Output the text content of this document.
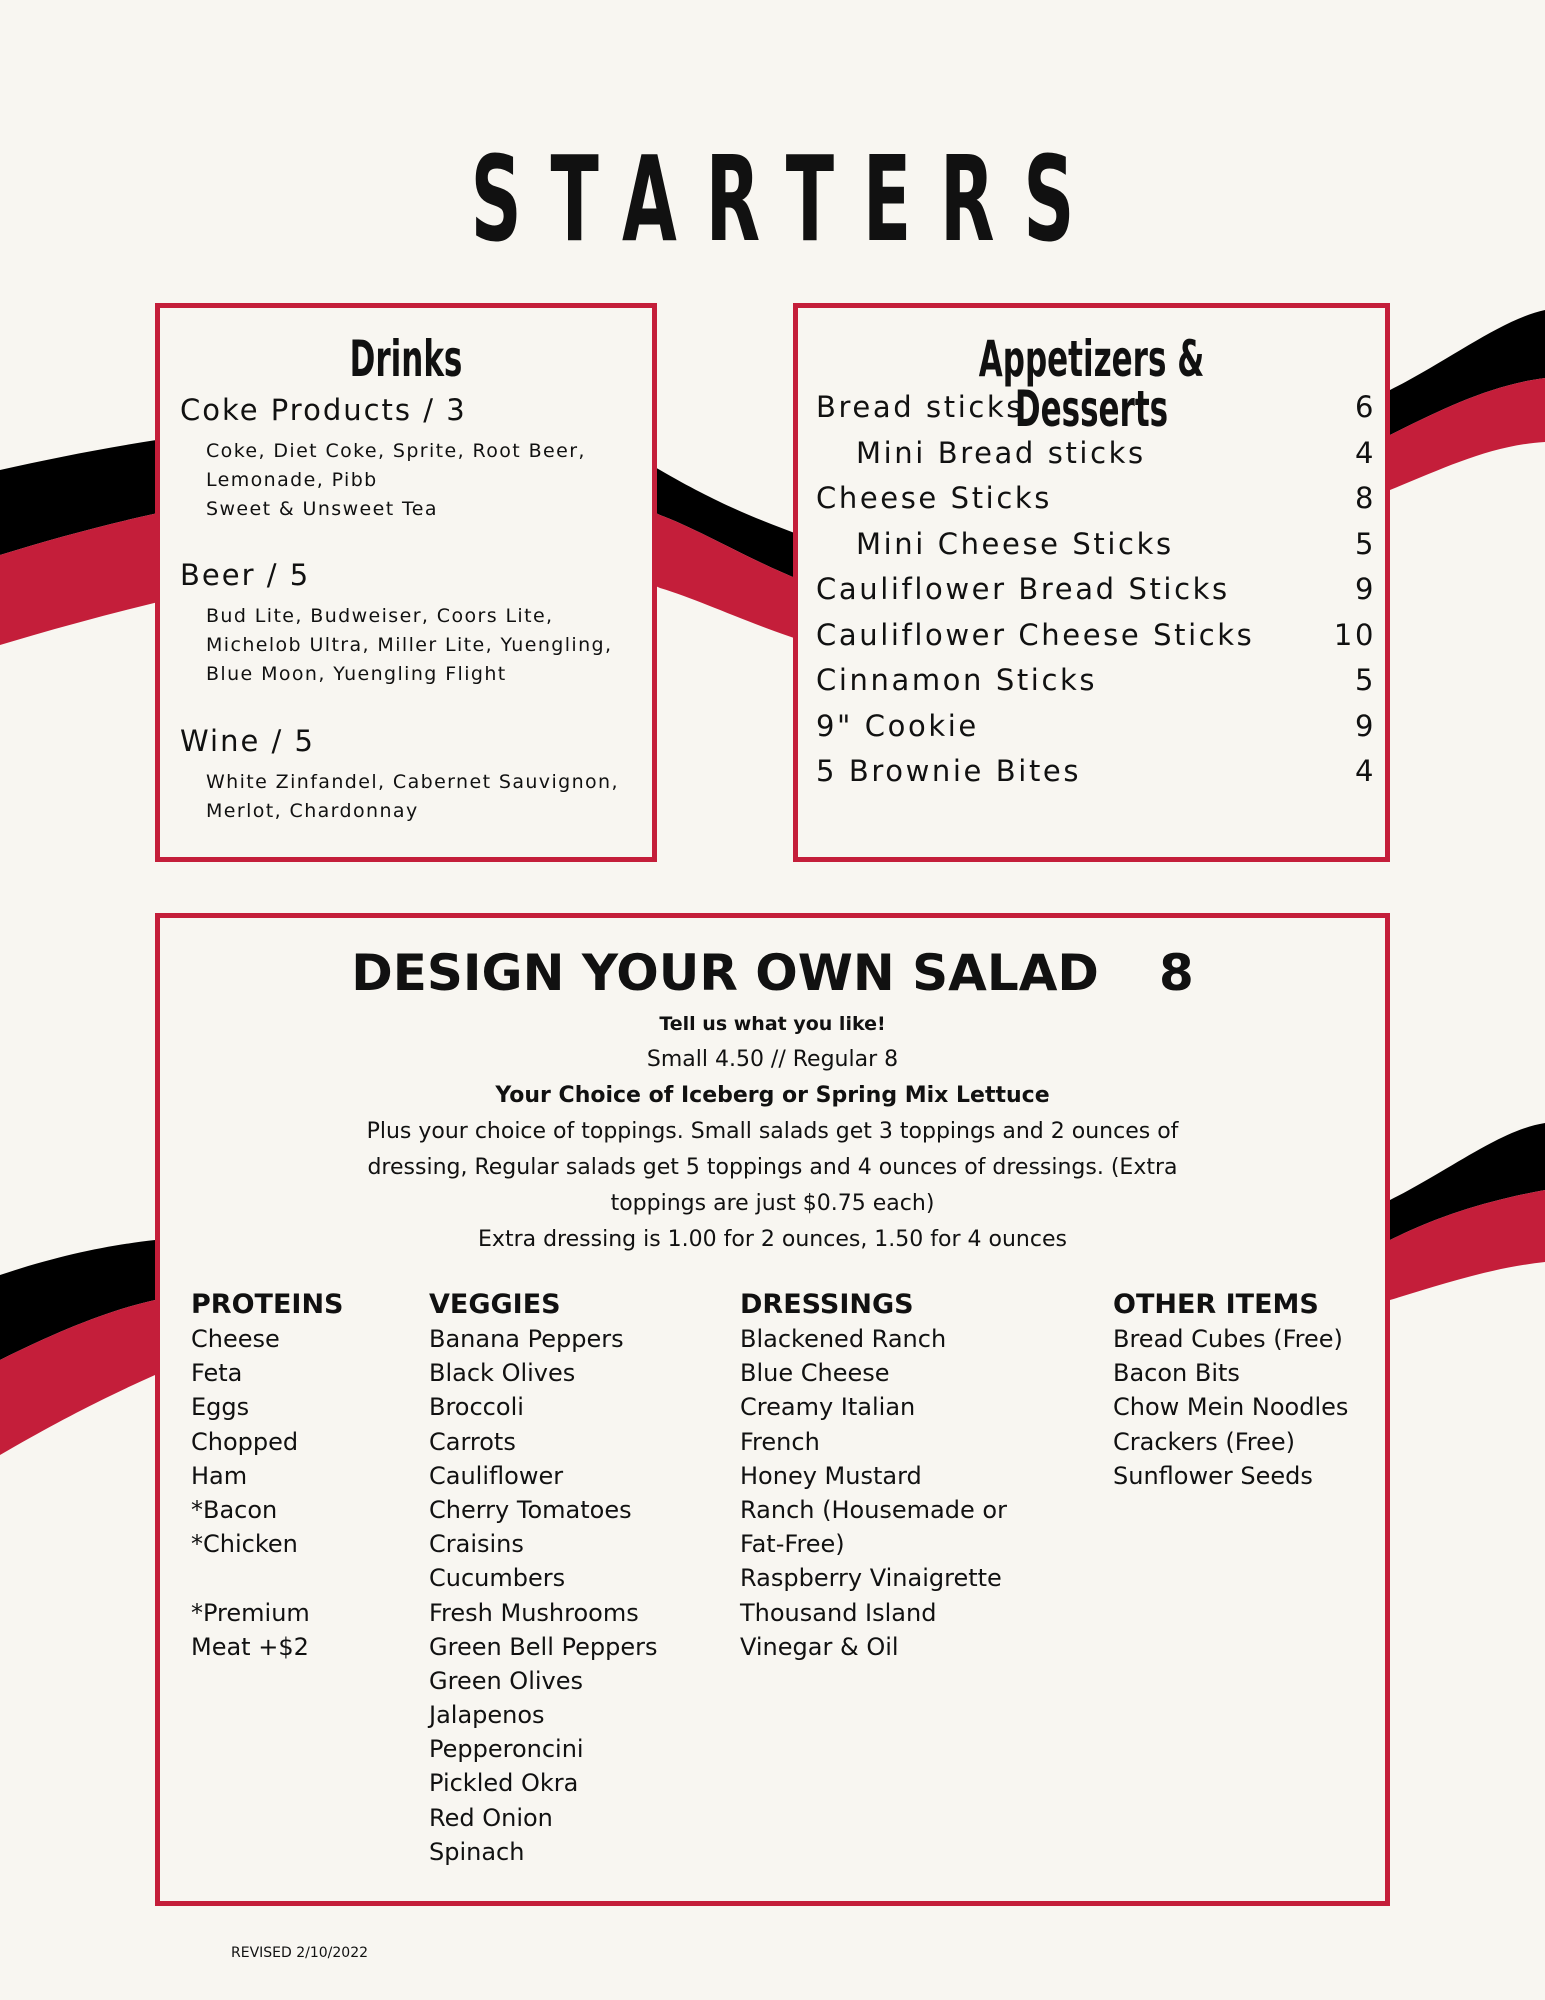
STARTERS
Drinks
Coke Products / 3
Coke, Diet Coke, Sprite, Root Beer,
Lemonade, Pibb
Sweet & Unsweet Tea
Beer / 5
Bud Lite, Budweiser, Coors Lite,
Michelob Ultra, Miller Lite, Yuengling,
Blue Moon, Yuengling Flight
Wine / 5
White Zinfandel, Cabernet Sauvignon,
Merlot, Chardonnay
Appetizers & Desserts
Bread sticks	6
Mini Bread sticks	4
Cheese Sticks	8
Mini Cheese Sticks	5
Cauliflower Bread Sticks	9
Cauliflower Cheese Sticks	10
Cinnamon Sticks	5
9" Cookie	9
5 Brownie Bites	4
DESIGN YOUR OWN SALAD 8
Tell us what you like!
Small 4.50 // Regular 8
Your Choice of Iceberg or Spring Mix Lettuce
Plus your choice of toppings. Small salads get 3 toppings and 2 ounces of
dressing, Regular salads get 5 toppings and 4 ounces of dressings. (Extra
toppings are just $0.75 each)
Extra dressing is 1.00 for 2 ounces, 1.50 for 4 ounces
PROTEINS
Cheese
Feta
Eggs
Chopped
Ham
*Bacon
*Chicken
*Premium
Meat +$2
VEGGIES
Banana Peppers
Black Olives
Broccoli
Carrots
Cauliflower
Cherry Tomatoes
Craisins
Cucumbers
Fresh Mushrooms
Green Bell Peppers
Green Olives
Jalapenos
Pepperoncini
Pickled Okra
Red Onion
Spinach
DRESSINGS
Blackened Ranch
Blue Cheese
Creamy Italian
French
Honey Mustard
Ranch (Housemade or
Fat-Free)
Raspberry Vinaigrette
Thousand Island
Vinegar & Oil
OTHER ITEMS
Bread Cubes (Free)
Bacon Bits
Chow Mein Noodles
Crackers (Free)
Sunflower Seeds
REVISED 2/10/2022
